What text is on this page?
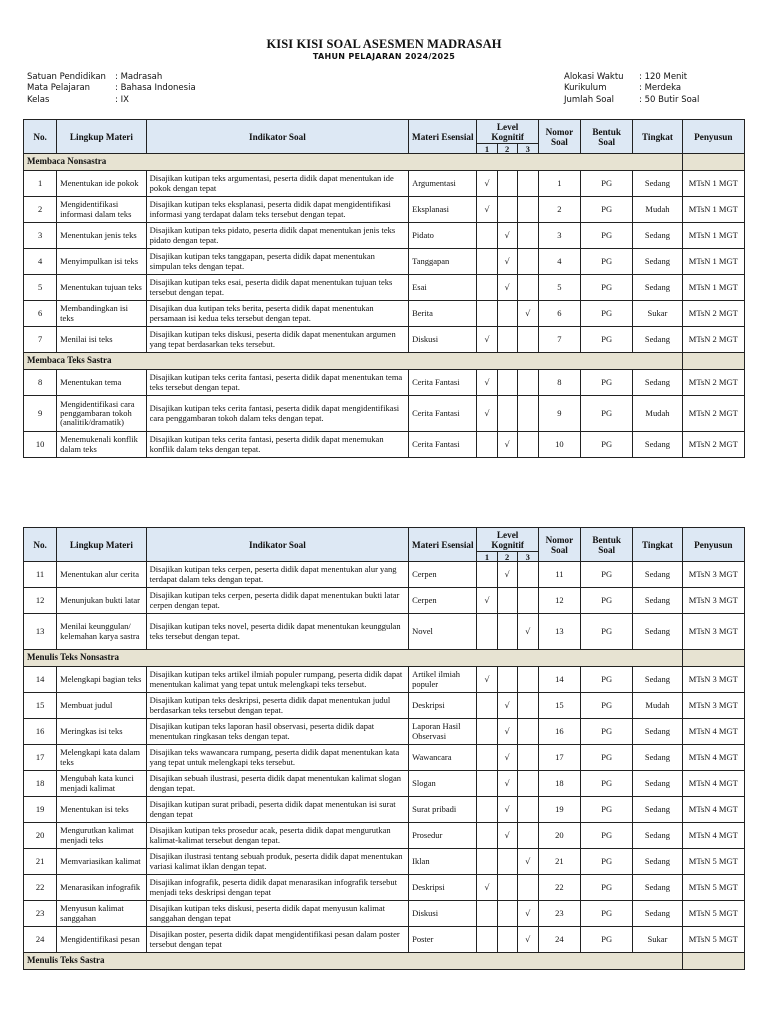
KISI KISI SOAL ASESMEN MADRASAH
TAHUN PELAJARAN 2024/2025
Satuan Pendidikan	: Madrasah
Mata Pelajaran	: Bahasa Indonesia
Kelas	: IX
Alokasi Waktu	: 120 Menit
Kurikulum	: Merdeka
Jumlah Soal	: 50 Butir Soal
No.	Lingkup Materi	Indikator Soal	Materi Esensial	Level Kognitif			Nomor Soal	Bentuk Soal	Tingkat	Penyusun
				1	2	3				
Membaca Nonsastra										
1	Menentukan ide pokok	Disajikan kutipan teks argumentasi, peserta didik dapat menentukan ide pokok dengan tepat	Argumentasi	√			1	PG	Sedang	MTsN 1 MGT
2	Mengidentifikasi informasi dalam teks	Disajikan kutipan teks eksplanasi, peserta didik dapat mengidentifikasi informasi yang terdapat dalam teks tersebut dengan tepat.	Eksplanasi	√			2	PG	Mudah	MTsN 1 MGT
3	Menentukan jenis teks	Disajikan kutipan teks pidato, peserta didik dapat menentukan jenis teks pidato dengan tepat.	Pidato		√		3	PG	Sedang	MTsN 1 MGT
4	Menyimpulkan isi teks	Disajikan kutipan teks tanggapan, peserta didik dapat menentukan simpulan teks dengan tepat.	Tanggapan		√		4	PG	Sedang	MTsN 1 MGT
5	Menentukan tujuan teks	Disajikan kutipan teks esai, peserta didik dapat menentukan tujuan teks tersebut dengan tepat.	Esai		√		5	PG	Sedang	MTsN 1 MGT
6	Membandingkan isi teks	Disajikan dua kutipan teks berita, peserta didik dapat menentukan persamaan isi kedua teks tersebut dengan tepat.	Berita			√	6	PG	Sukar	MTsN 2 MGT
7	Menilai isi teks	Disajikan kutipan teks diskusi, peserta didik dapat menentukan argumen yang tepat berdasarkan teks tersebut.	Diskusi	√			7	PG	Sedang	MTsN 2 MGT
Membaca Teks Sastra										
8	Menentukan tema	Disajikan kutipan teks cerita fantasi, peserta didik dapat menentukan tema teks tersebut dengan tepat.	Cerita Fantasi	√			8	PG	Sedang	MTsN 2 MGT
9	Mengidentifikasi cara penggambaran tokoh (analitik/dramatik)	Disajikan kutipan teks cerita fantasi, peserta didik dapat mengidentifikasi cara penggambaran tokoh dalam teks dengan tepat.	Cerita Fantasi	√			9	PG	Mudah	MTsN 2 MGT
10	Menemukenali konflik dalam teks	Disajikan kutipan teks cerita fantasi, peserta didik dapat menemukan konflik dalam teks dengan tepat.	Cerita Fantasi		√		10	PG	Sedang	MTsN 2 MGT
No.	Lingkup Materi	Indikator Soal	Materi Esensial	Level Kognitif			Nomor Soal	Bentuk Soal	Tingkat	Penyusun
				1	2	3				
11	Menentukan alur cerita	Disajikan kutipan teks cerpen, peserta didik dapat menentukan alur yang terdapat dalam teks dengan tepat.	Cerpen		√		11	PG	Sedang	MTsN 3 MGT
12	Menunjukan bukti latar	Disajikan kutipan teks cerpen, peserta didik dapat menentukan bukti latar cerpen dengan tepat.	Cerpen	√			12	PG	Sedang	MTsN 3 MGT
13	Menilai keunggulan/ kelemahan karya sastra	Disajikan kutipan teks novel, peserta didik dapat menentukan keunggulan teks tersebut dengan tepat.	Novel			√	13	PG	Sedang	MTsN 3 MGT
Menulis Teks Nonsastra										
14	Melengkapi bagian teks	Disajikan kutipan teks artikel ilmiah populer rumpang, peserta didik dapat menentukan kalimat yang tepat untuk melengkapi teks tersebut.	Artikel ilmiah populer	√			14	PG	Sedang	MTsN 3 MGT
15	Membuat judul	Disajikan kutipan teks deskripsi, peserta didik dapat menentukan judul berdasarkan teks tersebut dengan tepat.	Deskripsi		√		15	PG	Mudah	MTsN 3 MGT
16	Meringkas isi teks	Disajikan kutipan teks laporan hasil observasi, peserta didik dapat menentukan ringkasan teks dengan tepat.	Laporan Hasil Observasi		√		16	PG	Sedang	MTsN 4 MGT
17	Melengkapi kata dalam teks	Disajikan teks wawancara rumpang, peserta didik dapat menentukan kata yang tepat untuk melengkapi teks tersebut.	Wawancara		√		17	PG	Sedang	MTsN 4 MGT
18	Mengubah kata kunci menjadi kalimat	Disajikan sebuah ilustrasi, peserta didik dapat menentukan kalimat slogan dengan tepat.	Slogan		√		18	PG	Sedang	MTsN 4 MGT
19	Menentukan isi teks	Disajikan kutipan surat pribadi, peserta didik dapat menentukan isi surat dengan tepat	Surat pribadi		√		19	PG	Sedang	MTsN 4 MGT
20	Mengurutkan kalimat menjadi teks	Disajikan kutipan teks prosedur acak, peserta didik dapat mengurutkan kalimat-kalimat tersebut dengan tepat.	Prosedur		√		20	PG	Sedang	MTsN 4 MGT
21	Memvariasikan kalimat	Disajikan ilustrasi tentang sebuah produk, peserta didik dapat menentukan variasi kalimat iklan dengan tepat.	Iklan			√	21	PG	Sedang	MTsN 5 MGT
22	Menarasikan infografik	Disajikan infografik, peserta didik dapat menarasikan infografik tersebut menjadi teks deskripsi dengan tepat	Deskripsi	√			22	PG	Sedang	MTsN 5 MGT
23	Menyusun kalimat sanggahan	Disajikan kutipan teks diskusi, peserta didik dapat menyusun kalimat sanggahan dengan tepat	Diskusi			√	23	PG	Sedang	MTsN 5 MGT
24	Mengidentifikasi pesan	Disajikan poster, peserta didik dapat mengidentifikasi pesan dalam poster tersebut dengan tepat	Poster			√	24	PG	Sukar	MTsN 5 MGT
Menulis Teks Sastra										
